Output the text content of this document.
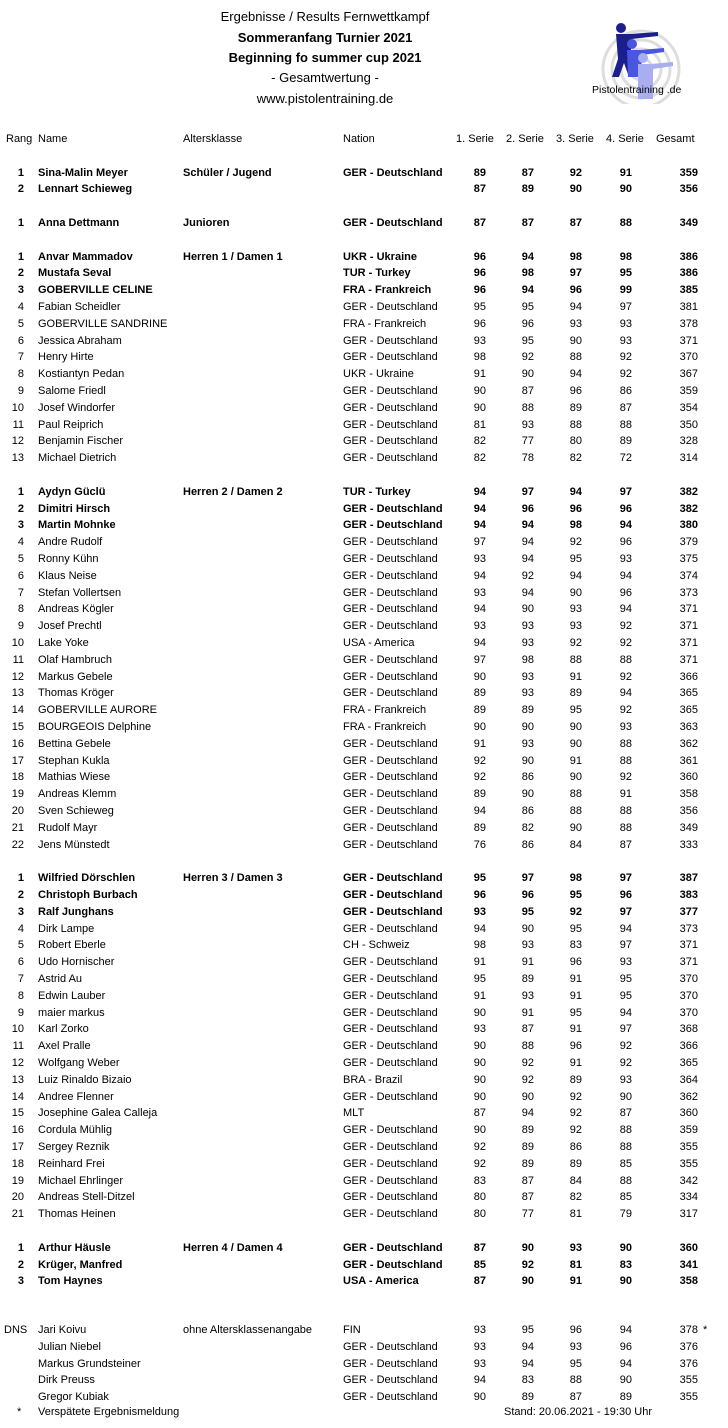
Ergebnisse / Results Fernwettkampf
Sommeranfang Turnier 2021
Beginning fo summer cup 2021
- Gesamtwertung -
www.pistolentraining.de
Pistolentraining .de
Rang Name	Altersklasse	Nation	1. Serie 2. Serie 3. Serie 4. Serie Gesamt
1 Sina-Malin Meyer	Schüler / Jugend	GER - Deutschland	89	87	92	91	359
2 Lennart Schieweg	87	89	90	90	356
1 Anna Dettmann	Junioren	GER - Deutschland	87	87	87	88	349
1 Anvar Mammadov	Herren 1 / Damen 1	UKR - Ukraine	96	94	98	98	386
2 Mustafa Seval	TUR - Turkey	96	98	97	95	386
3 GOBERVILLE CELINE	FRA - Frankreich	96	94	96	99	385
4 Fabian Scheidler	GER - Deutschland	95	95	94	97	381
5 GOBERVILLE SANDRINE	FRA - Frankreich	96	96	93	93	378
6 Jessica Abraham	GER - Deutschland	93	95	90	93	371
7 Henry Hirte	GER - Deutschland	98	92	88	92	370
8 Kostiantyn Pedan	UKR - Ukraine	91	90	94	92	367
9 Salome Friedl	GER - Deutschland	90	87	96	86	359
10 Josef Windorfer	GER - Deutschland	90	88	89	87	354
11 Paul Reiprich	GER - Deutschland	81	93	88	88	350
12 Benjamin Fischer	GER - Deutschland	82	77	80	89	328
13 Michael Dietrich	GER - Deutschland	82	78	82	72	314
1 Aydyn Güclü	Herren 2 / Damen 2	TUR - Turkey	94	97	94	97	382
2 Dimitri Hirsch	GER - Deutschland	94	96	96	96	382
3 Martin Mohnke	GER - Deutschland	94	94	98	94	380
4 Andre Rudolf	GER - Deutschland	97	94	92	96	379
5 Ronny Kühn	GER - Deutschland	93	94	95	93	375
6 Klaus Neise	GER - Deutschland	94	92	94	94	374
7 Stefan Vollertsen	GER - Deutschland	93	94	90	96	373
8 Andreas Kögler	GER - Deutschland	94	90	93	94	371
9 Josef Prechtl	GER - Deutschland	93	93	93	92	371
10 Lake Yoke	USA - America	94	93	92	92	371
11 Olaf Hambruch	GER - Deutschland	97	98	88	88	371
12 Markus Gebele	GER - Deutschland	90	93	91	92	366
13 Thomas Kröger	GER - Deutschland	89	93	89	94	365
14 GOBERVILLE AURORE	FRA - Frankreich	89	89	95	92	365
15 BOURGEOIS Delphine	FRA - Frankreich	90	90	90	93	363
16 Bettina Gebele	GER - Deutschland	91	93	90	88	362
17 Stephan Kukla	GER - Deutschland	92	90	91	88	361
18 Mathias Wiese	GER - Deutschland	92	86	90	92	360
19 Andreas Klemm	GER - Deutschland	89	90	88	91	358
20 Sven Schieweg	GER - Deutschland	94	86	88	88	356
21 Rudolf Mayr	GER - Deutschland	89	82	90	88	349
22 Jens Münstedt	GER - Deutschland	76	86	84	87	333
1 Wilfried Dörschlen	Herren 3 / Damen 3	GER - Deutschland	95	97	98	97	387
2 Christoph Burbach	GER - Deutschland	96	96	95	96	383
3 Ralf Junghans	GER - Deutschland	93	95	92	97	377
4 Dirk Lampe	GER - Deutschland	94	90	95	94	373
5 Robert Eberle	CH - Schweiz	98	93	83	97	371
6 Udo Hornischer	GER - Deutschland	91	91	96	93	371
7 Astrid Au	GER - Deutschland	95	89	91	95	370
8 Edwin Lauber	GER - Deutschland	91	93	91	95	370
9 maier markus	GER - Deutschland	90	91	95	94	370
10 Karl Zorko	GER - Deutschland	93	87	91	97	368
11 Axel Pralle	GER - Deutschland	90	88	96	92	366
12 Wolfgang Weber	GER - Deutschland	90	92	91	92	365
13 Luiz Rinaldo Bizaio	BRA - Brazil	90	92	89	93	364
14 Andree Flenner	GER - Deutschland	90	90	92	90	362
15 Josephine Galea Calleja	MLT	87	94	92	87	360
16 Cordula Mühlig	GER - Deutschland	90	89	92	88	359
17 Sergey Reznik	GER - Deutschland	92	89	86	88	355
18 Reinhard Frei	GER - Deutschland	92	89	89	85	355
19 Michael Ehrlinger	GER - Deutschland	83	87	84	88	342
20 Andreas Stell-Ditzel	GER - Deutschland	80	87	82	85	334
21 Thomas Heinen	GER - Deutschland	80	77	81	79	317
1 Arthur Häusle	Herren 4 / Damen 4	GER - Deutschland	87	90	93	90	360
2 Krüger, Manfred	GER - Deutschland	85	92	81	83	341
3 Tom Haynes	USA - America	87	90	91	90	358
DNS Jari Koivu	ohne Altersklassenangabe	FIN	93	95	96	94	378 *
Julian Niebel	GER - Deutschland	93	94	93	96	376
Markus Grundsteiner	GER - Deutschland	93	94	95	94	376
Dirk Preuss	GER - Deutschland	94	83	88	90	355
Gregor Kubiak	GER - Deutschland	90	89	87	89	355
* Verspätete Ergebnismeldung	Stand: 20.06.2021 - 19:30 Uhr
